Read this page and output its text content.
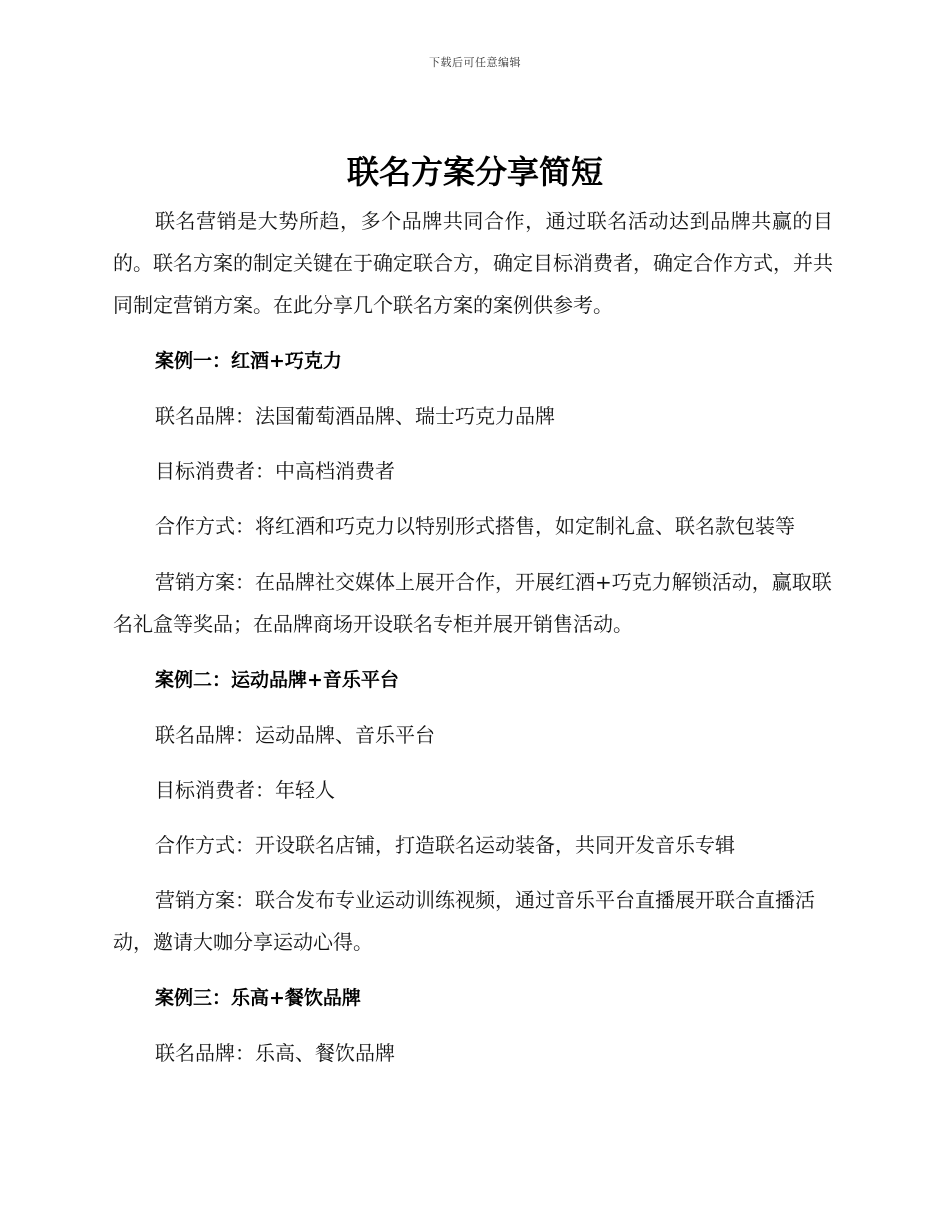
下载后可任意编辑
联名方案分享简短

联名营销是大势所趋，多个品牌共同合作，通过联名活动达到品牌共赢的目的。联名方案的制定关键在于确定联合方，确定目标消费者，确定合作方式，并共同制定营销方案。在此分享几个联名方案的案例供参考。

案例一：红酒+巧克力

联名品牌：法国葡萄酒品牌、瑞士巧克力品牌

目标消费者：中高档消费者

合作方式：将红酒和巧克力以特别形式搭售，如定制礼盒、联名款包装等

营销方案：在品牌社交媒体上展开合作，开展红酒+巧克力解锁活动，赢取联名礼盒等奖品；在品牌商场开设联名专柜并展开销售活动。

案例二：运动品牌+音乐平台

联名品牌：运动品牌、音乐平台

目标消费者：年轻人

合作方式：开设联名店铺，打造联名运动装备，共同开发音乐专辑

营销方案：联合发布专业运动训练视频，通过音乐平台直播展开联合直播活动，邀请大咖分享运动心得。

案例三：乐高+餐饮品牌

联名品牌：乐高、餐饮品牌
